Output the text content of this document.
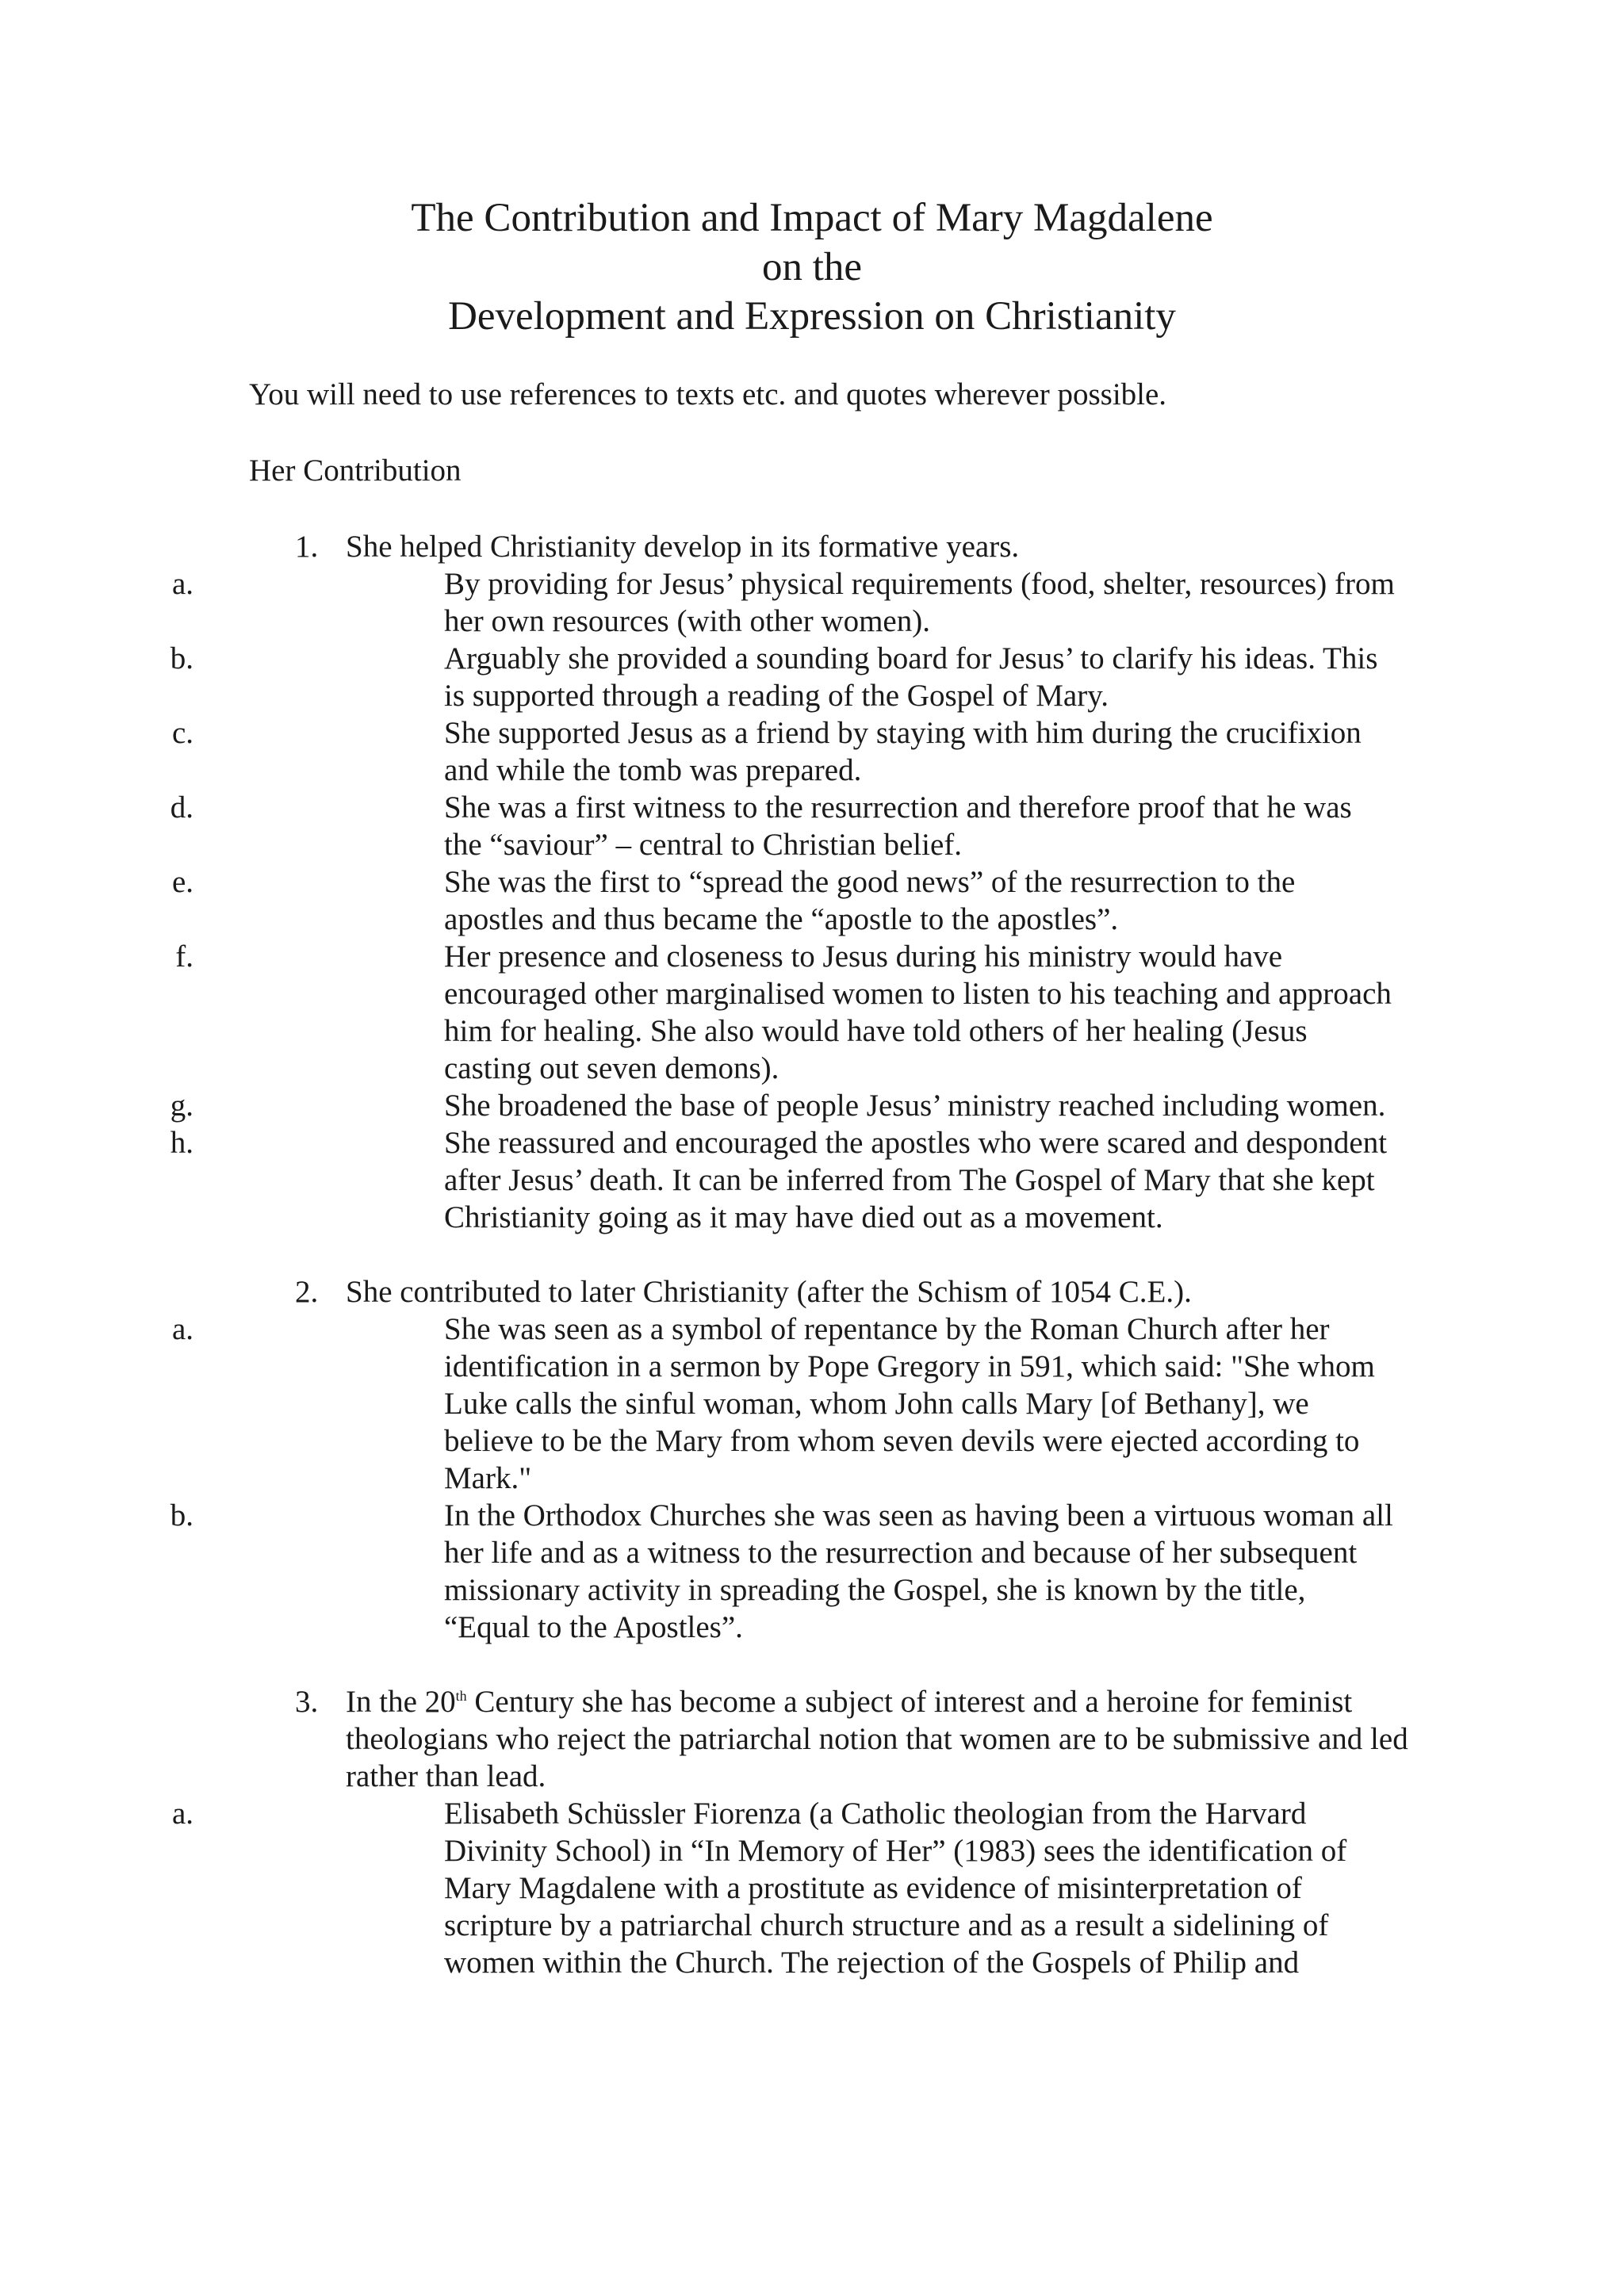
The Contribution and Impact of Mary Magdalene
on the
Development and Expression on Christianity
You will need to use references to texts etc. and quotes wherever possible.
Her Contribution
1. She helped Christianity develop in its formative years.
a.	By providing for Jesus’ physical requirements (food, shelter, resources) from her own resources (with other women).
b.	Arguably she provided a sounding board for Jesus’ to clarify his ideas. This is supported through a reading of the Gospel of Mary.
c.	She supported Jesus as a friend by staying with him during the crucifixion and while the tomb was prepared.
d.	She was a first witness to the resurrection and therefore proof that he was the “saviour” – central to Christian belief.
e.	She was the first to “spread the good news” of the resurrection to the apostles and thus became the “apostle to the apostles”.
f.	Her presence and closeness to Jesus during his ministry would have encouraged other marginalised women to listen to his teaching and approach him for healing. She also would have told others of her healing (Jesus casting out seven demons).
g.	She broadened the base of people Jesus’ ministry reached including women.
h.	She reassured and encouraged the apostles who were scared and despondent after Jesus’ death. It can be inferred from The Gospel of Mary that she kept Christianity going as it may have died out as a movement.
2. She contributed to later Christianity (after the Schism of 1054 C.E.).
a.	She was seen as a symbol of repentance by the Roman Church after her identification in a sermon by Pope Gregory in 591, which said: "She whom Luke calls the sinful woman, whom John calls Mary [of Bethany], we believe to be the Mary from whom seven devils were ejected according to Mark."
b.	In the Orthodox Churches she was seen as having been a virtuous woman all her life and as a witness to the resurrection and because of her subsequent missionary activity in spreading the Gospel, she is known by the title, “Equal to the Apostles”.
3. In the 20th Century she has become a subject of interest and a heroine for feminist theologians who reject the patriarchal notion that women are to be submissive and led rather than lead.
a.	Elisabeth Schüssler Fiorenza (a Catholic theologian from the Harvard Divinity School) in “In Memory of Her” (1983) sees the identification of Mary Magdalene with a prostitute as evidence of misinterpretation of scripture by a patriarchal church structure and as a result a sidelining of women within the Church. The rejection of the Gospels of Philip and
